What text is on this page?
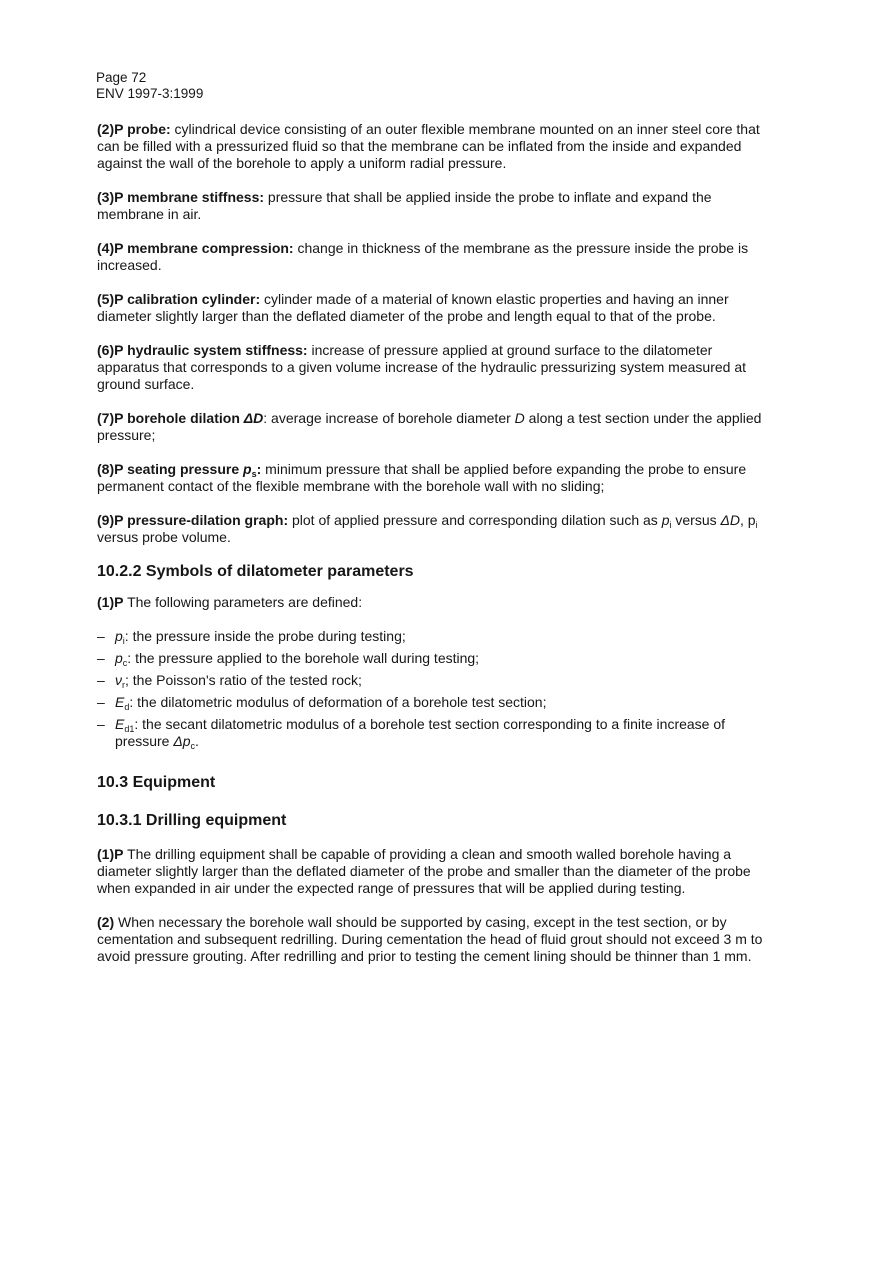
Page 72
ENV 1997-3:1999

(2)P probe: cylindrical device consisting of an outer flexible membrane mounted on an inner steel core that can be filled with a pressurized fluid so that the membrane can be inflated from the inside and expanded against the wall of the borehole to apply a uniform radial pressure.

(3)P membrane stiffness: pressure that shall be applied inside the probe to inflate and expand the membrane in air.

(4)P membrane compression: change in thickness of the membrane as the pressure inside the probe is increased.

(5)P calibration cylinder: cylinder made of a material of known elastic properties and having an inner diameter slightly larger than the deflated diameter of the probe and length equal to that of the probe.

(6)P hydraulic system stiffness: increase of pressure applied at ground surface to the dilatometer apparatus that corresponds to a given volume increase of the hydraulic pressurizing system measured at ground surface.

(7)P borehole dilation ΔD: average increase of borehole diameter D along a test section under the applied pressure;

(8)P seating pressure $p_s$: minimum pressure that shall be applied before expanding the probe to ensure permanent contact of the flexible membrane with the borehole wall with no sliding;

(9)P pressure-dilation graph: plot of applied pressure and corresponding dilation such as $p_i$ versus ΔD, $p_i$ versus probe volume.

10.2.2 Symbols of dilatometer parameters

(1)P The following parameters are defined:

– $p_i$: the pressure inside the probe during testing;
– $p_c$: the pressure applied to the borehole wall during testing;
– $\nu_r$; the Poisson's ratio of the tested rock;
– $E_d$: the dilatometric modulus of deformation of a borehole test section;
– $E_{d1}$: the secant dilatometric modulus of a borehole test section corresponding to a finite increase of pressure $\Delta p_c$.
10.3 Equipment
10.3.1 Drilling equipment

(1)P The drilling equipment shall be capable of providing a clean and smooth walled borehole having a diameter slightly larger than the deflated diameter of the probe and smaller than the diameter of the probe when expanded in air under the expected range of pressures that will be applied during testing.

(2) When necessary the borehole wall should be supported by casing, except in the test section, or by cementation and subsequent redrilling. During cementation the head of fluid grout should not exceed 3 m to avoid pressure grouting. After redrilling and prior to testing the cement lining should be thinner than 1 mm.
